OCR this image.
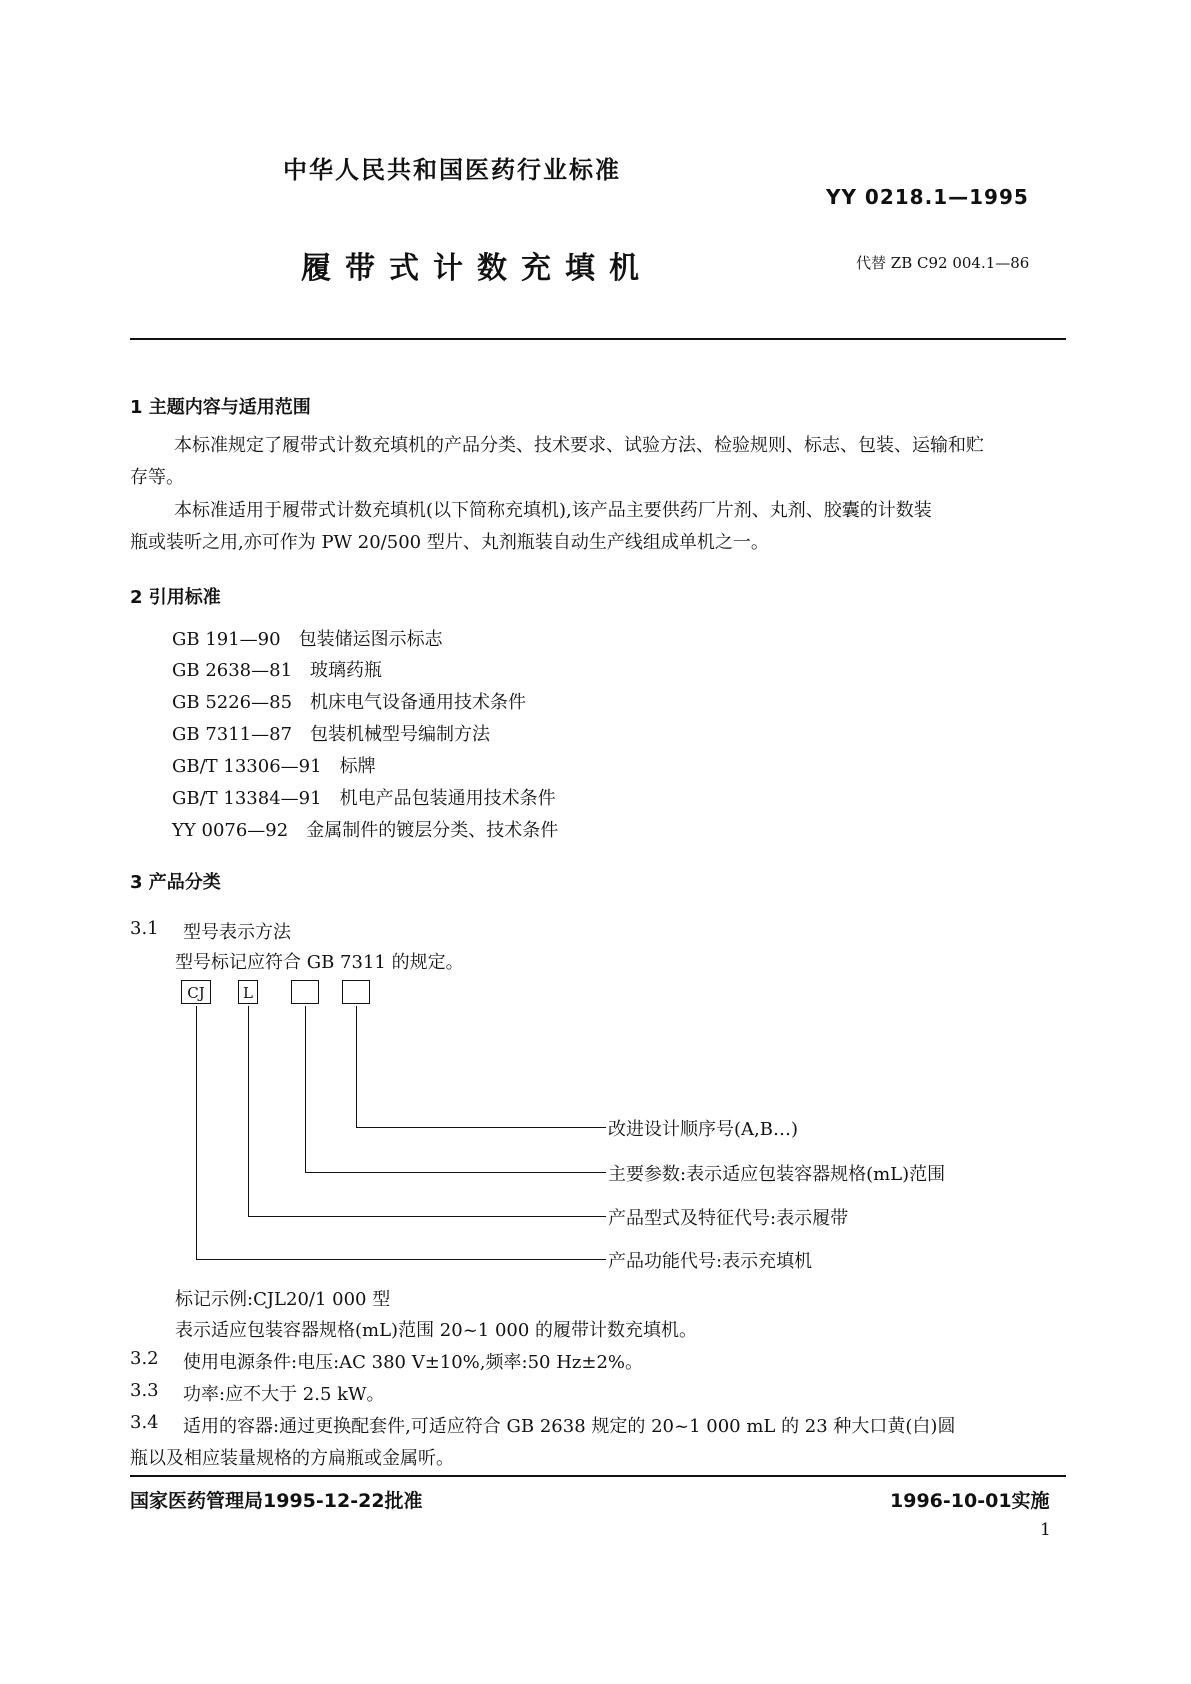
中华人民共和国医药行业标准
YY 0218.1—1995
履带式计数充填机	代替 ZB C92 004.1—86
1 主题内容与适用范围
本标准规定了履带式计数充填机的产品分类、技术要求、试验方法、检验规则、标志、包装、运输和贮
存等。
本标准适用于履带式计数充填机(以下简称充填机),该产品主要供药厂片剂、丸剂、胶囊的计数装
瓶或装听之用,亦可作为 PW 20/500 型片、丸剂瓶装自动生产线组成单机之一。
2 引用标准
GB 191—90 包装储运图示标志
GB 2638—81 玻璃药瓶
GB 5226—85 机床电气设备通用技术条件
GB 7311—87 包装机械型号编制方法
GB/T 13306—91 标牌
GB/T 13384—91 机电产品包装通用技术条件
YY 0076—92 金属制件的镀层分类、技术条件
3 产品分类
3.1 型号表示方法
型号标记应符合 GB 7311 的规定。
CJ	L
改进设计顺序号(A,B…)
主要参数:表示适应包装容器规格(mL)范围
产品型式及特征代号:表示履带
产品功能代号:表示充填机
标记示例:CJL20/1 000 型
表示适应包装容器规格(mL)范围 20~1 000 的履带计数充填机。
3.2 使用电源条件:电压:AC 380 V±10%,频率:50 Hz±2%。
3.3 功率:应不大于 2.5 kW。
3.4 适用的容器:通过更换配套件,可适应符合 GB 2638 规定的 20~1 000 mL 的 23 种大口黄(白)圆
瓶以及相应装量规格的方扁瓶或金属听。
国家医药管理局1995-12-22批准	1996-10-01实施
1
